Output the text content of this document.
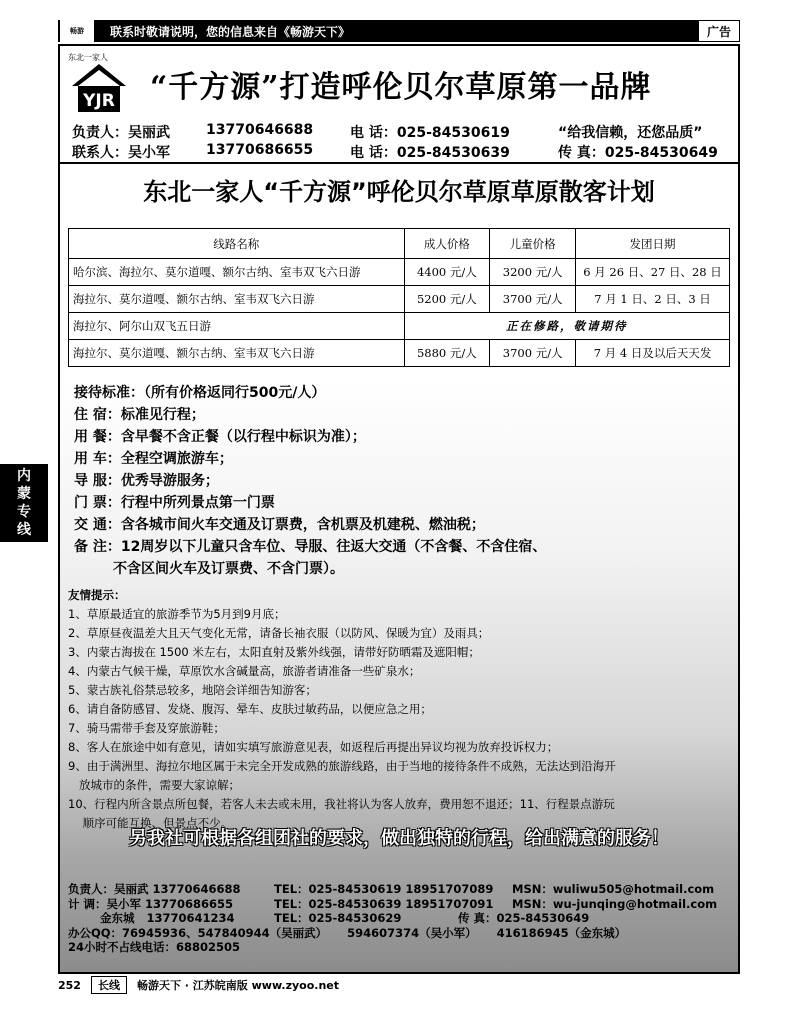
畅游	联系时敬请说明，您的信息来自《畅游天下》	广告
东北一家人
YJR “千方源”打造呼伦贝尔草原第一品牌
负责人：吴丽武	13770646688	电 话：025-84530619	“给我信赖，还您品质”
联系人：吴小军	13770686655	电 话：025-84530639	传 真：025-84530649
东北一家人“千方源”呼伦贝尔草原草原散客计划
线路名称	成人价格	儿童价格	发团日期
哈尔滨、海拉尔、莫尔道嘎、额尔古纳、室韦双飞六日游	4400 元/人	3200 元/人	6 月 26 日、27 日、28 日
海拉尔、莫尔道嘎、额尔古纳、室韦双飞六日游	5200 元/人	3700 元/人	7 月 1 日、2 日、3 日
海拉尔、阿尔山双飞五日游	正在修路，敬请期待		
海拉尔、莫尔道嘎、额尔古纳、室韦双飞六日游	5880 元/人	3700 元/人	7 月 4 日及以后天天发
接待标准：（所有价格返同行500元/人）
住 宿：标准见行程；
用 餐：含早餐不含正餐（以行程中标识为准）；
用 车：全程空调旅游车；
导 服：优秀导游服务；
门 票：行程中所列景点第一门票
交 通：含各城市间火车交通及订票费，含机票及机建税、燃油税；
备 注：12周岁以下儿童只含车位、导服、往返大交通（不含餐、不含住宿、
不含区间火车及订票费、不含门票）。
友情提示：
1、草原最适宜的旅游季节为5月到9月底；
2、草原昼夜温差大且天气变化无常，请备长袖衣服（以防风、保暖为宜）及雨具；
3、内蒙古海拔在 1500 米左右，太阳直射及紫外线强，请带好防晒霜及遮阳帽；
4、内蒙古气候干燥，草原饮水含碱量高，旅游者请准备一些矿泉水；
5、蒙古族礼俗禁忌较多，地陪会详细告知游客；
6、请自备防感冒、发烧、腹泻、晕车、皮肤过敏药品，以便应急之用；
7、骑马需带手套及穿旅游鞋；
8、客人在旅途中如有意见，请如实填写旅游意见表，如返程后再提出异议均视为放弃投诉权力；
9、由于满洲里、海拉尔地区属于未完全开发成熟的旅游线路，由于当地的接待条件不成熟，无法达到沿海开
放城市的条件，需要大家谅解；
10、行程内所含景点所包餐，若客人未去或未用，我社将认为客人放弃，费用恕不退还；11、行程景点游玩
顺序可能互换、但景点不少。
另我社可根据各组团社的要求，做出独特的行程，给出满意的服务！
负责人：吴丽武 13770646688	TEL：025-84530619 18951707089 MSN：wuliwu505@hotmail.com
计 调：吴小军 13770686655	TEL：025-84530639 18951707091 MSN：wu-junqing@hotmail.com
金东城   13770641234	TEL：025-84530629	传 真：025-84530649
办公QQ：76945936、547840944（吴丽武）     594607374（吴小军）     416186945（金东城）
24小时不占线电话：68802505
内
蒙
专
线
252	长线	畅游天下 · 江苏皖南版 www.zyoo.net
